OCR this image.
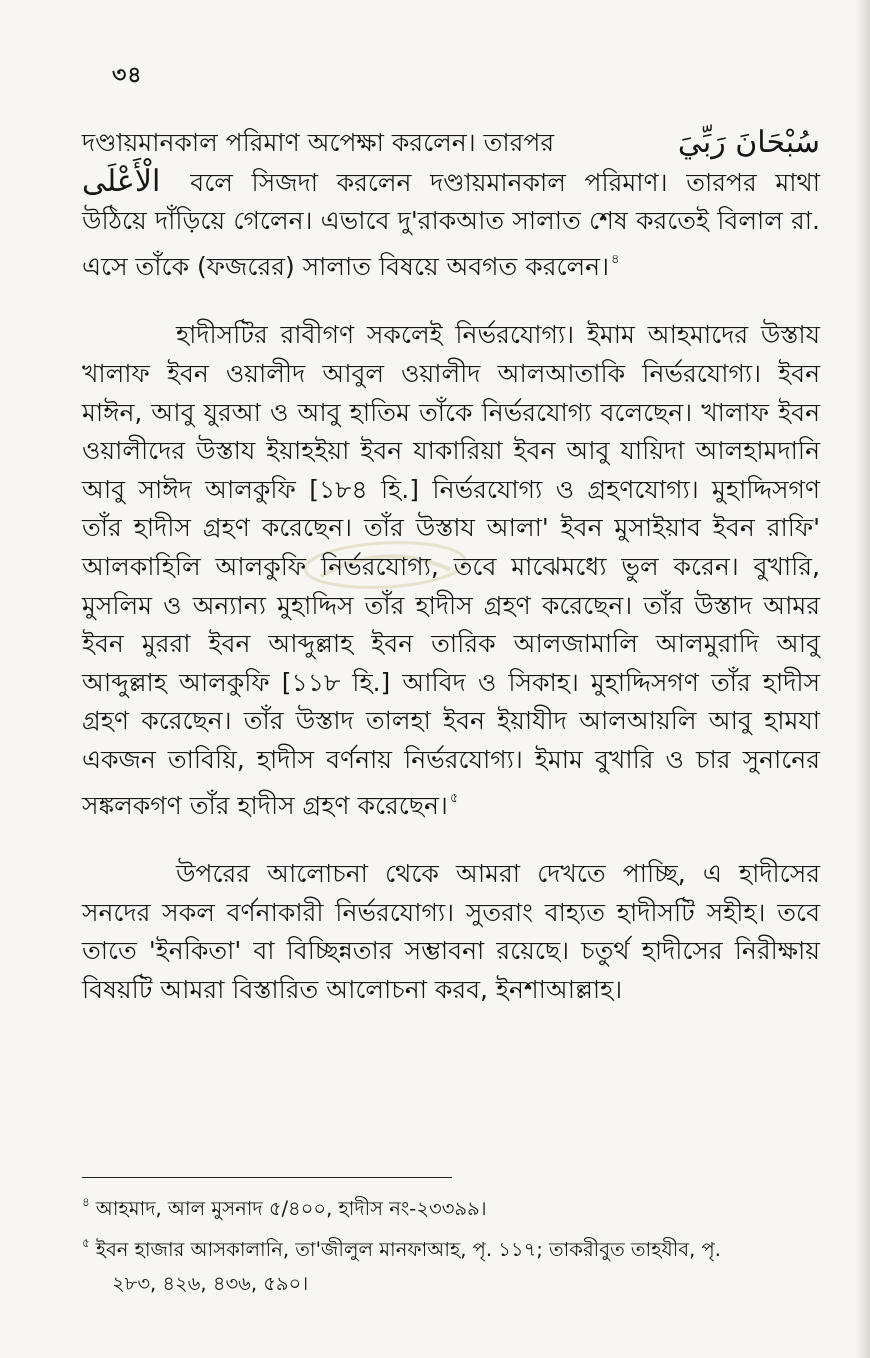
৩৪

سُبْحَانَ رَبِّيَ
দণ্ডায়মানকাল পরিমাণ অপেক্ষা করলেন। তারপর
الْأَعْلَى বলে সিজদা করলেন দণ্ডায়মানকাল পরিমাণ। তারপর মাথা উঠিয়ে দাঁড়িয়ে গেলেন। এভাবে দু'রাকআত সালাত শেষ করতেই বিলাল রা. এসে তাঁকে (ফজরের) সালাত বিষয়ে অবগত করলেন। $^৪$

হাদীসটির রাবীগণ সকলেই নির্ভরযোগ্য। ইমাম আহমাদের উস্তায খালাফ ইবন ওয়ালীদ আবুল ওয়ালীদ আলআতাকি নির্ভরযোগ্য। ইবন মাঈন, আবু যুরআ ও আবু হাতিম তাঁকে নির্ভরযোগ্য বলেছেন। খালাফ ইবন ওয়ালীদের উস্তায ইয়াহইয়া ইবন যাকারিয়া ইবন আবু যায়িদা আলহামদানি আবু সাঈদ আলকুফি [১৮৪ হি.] নির্ভরযোগ্য ও গ্রহণযোগ্য। মুহাদ্দিসগণ তাঁর হাদীস গ্রহণ করেছেন। তাঁর উস্তায আলা' ইবন মুসাইয়াব ইবন রাফি' আলকাহিলি আলকুফি নির্ভরযোগ্য, তবে মাঝেমধ্যে ভুল করেন। বুখারি, মুসলিম ও অন্যান্য মুহাদ্দিস তাঁর হাদীস গ্রহণ করেছেন। তাঁর উস্তাদ আমর ইবন মুররা ইবন আব্দুল্লাহ ইবন তারিক আলজামালি আলমুরাদি আবু আব্দুল্লাহ আলকুফি [১১৮ হি.] আবিদ ও সিকাহ। মুহাদ্দিসগণ তাঁর হাদীস গ্রহণ করেছেন। তাঁর উস্তাদ তালহা ইবন ইয়াযীদ আলআয়লি আবু হামযা একজন তাবিয়ি, হাদীস বর্ণনায় নির্ভরযোগ্য। ইমাম বুখারি ও চার সুনানের সঙ্কলকগণ তাঁর হাদীস গ্রহণ করেছেন। $^৫$

উপরের আলোচনা থেকে আমরা দেখতে পাচ্ছি, এ হাদীসের সনদের সকল বর্ণনাকারী নির্ভরযোগ্য। সুতরাং বাহ্যত হাদীসটি সহীহ। তবে তাতে 'ইনকিতা' বা বিচ্ছিন্নতার সম্ভাবনা রয়েছে। চতুর্থ হাদীসের নিরীক্ষায় বিষয়টি আমরা বিস্তারিত আলোচনা করব, ইনশাআল্লাহ।

$^৪$ আহমাদ, আল মুসনাদ ৫/৪০০, হাদীস নং-২৩৩৯৯।

$^৫$ ইবন হাজার আসকালানি, তা'জীলুল মানফাআহ, পৃ. ১১৭; তাকরীবুত তাহযীব, পৃ.

২৮৩, ৪২৬, ৪৩৬, ৫৯০।
